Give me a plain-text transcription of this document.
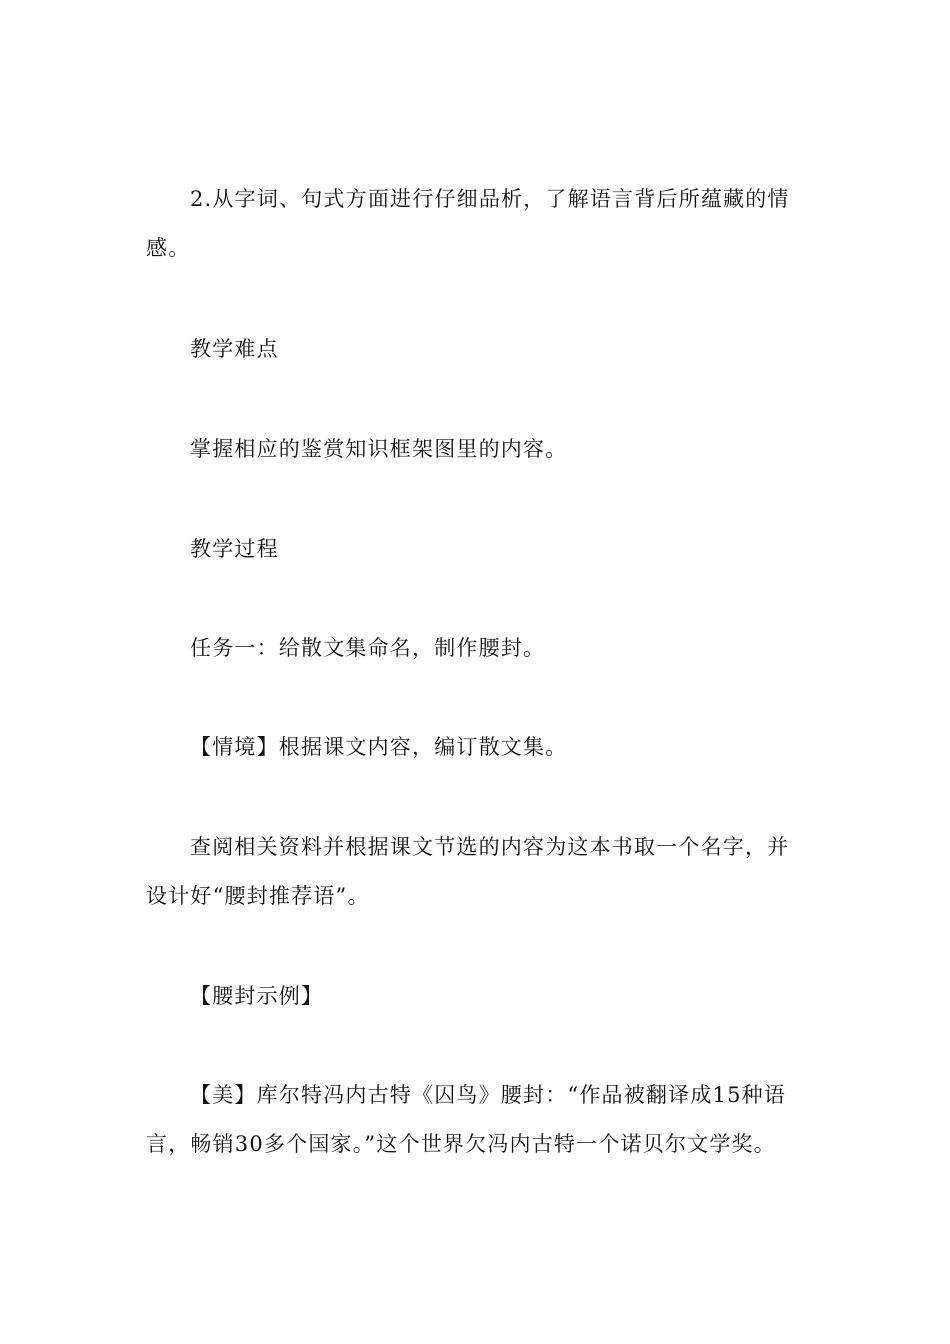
2.从字词、句式方面进行仔细品析，了解语言背后所蕴藏的情感。

教学难点

掌握相应的鉴赏知识框架图里的内容。

教学过程

任务一：给散文集命名，制作腰封。

【情境】根据课文内容，编订散文集。

查阅相关资料并根据课文节选的内容为这本书取一个名字，并设计好“腰封推荐语”。

【腰封示例】

【美】库尔特冯内古特《囚鸟》腰封：“作品被翻译成15种语言，畅销30多个国家。”这个世界欠冯内古特一个诺贝尔文学奖。
